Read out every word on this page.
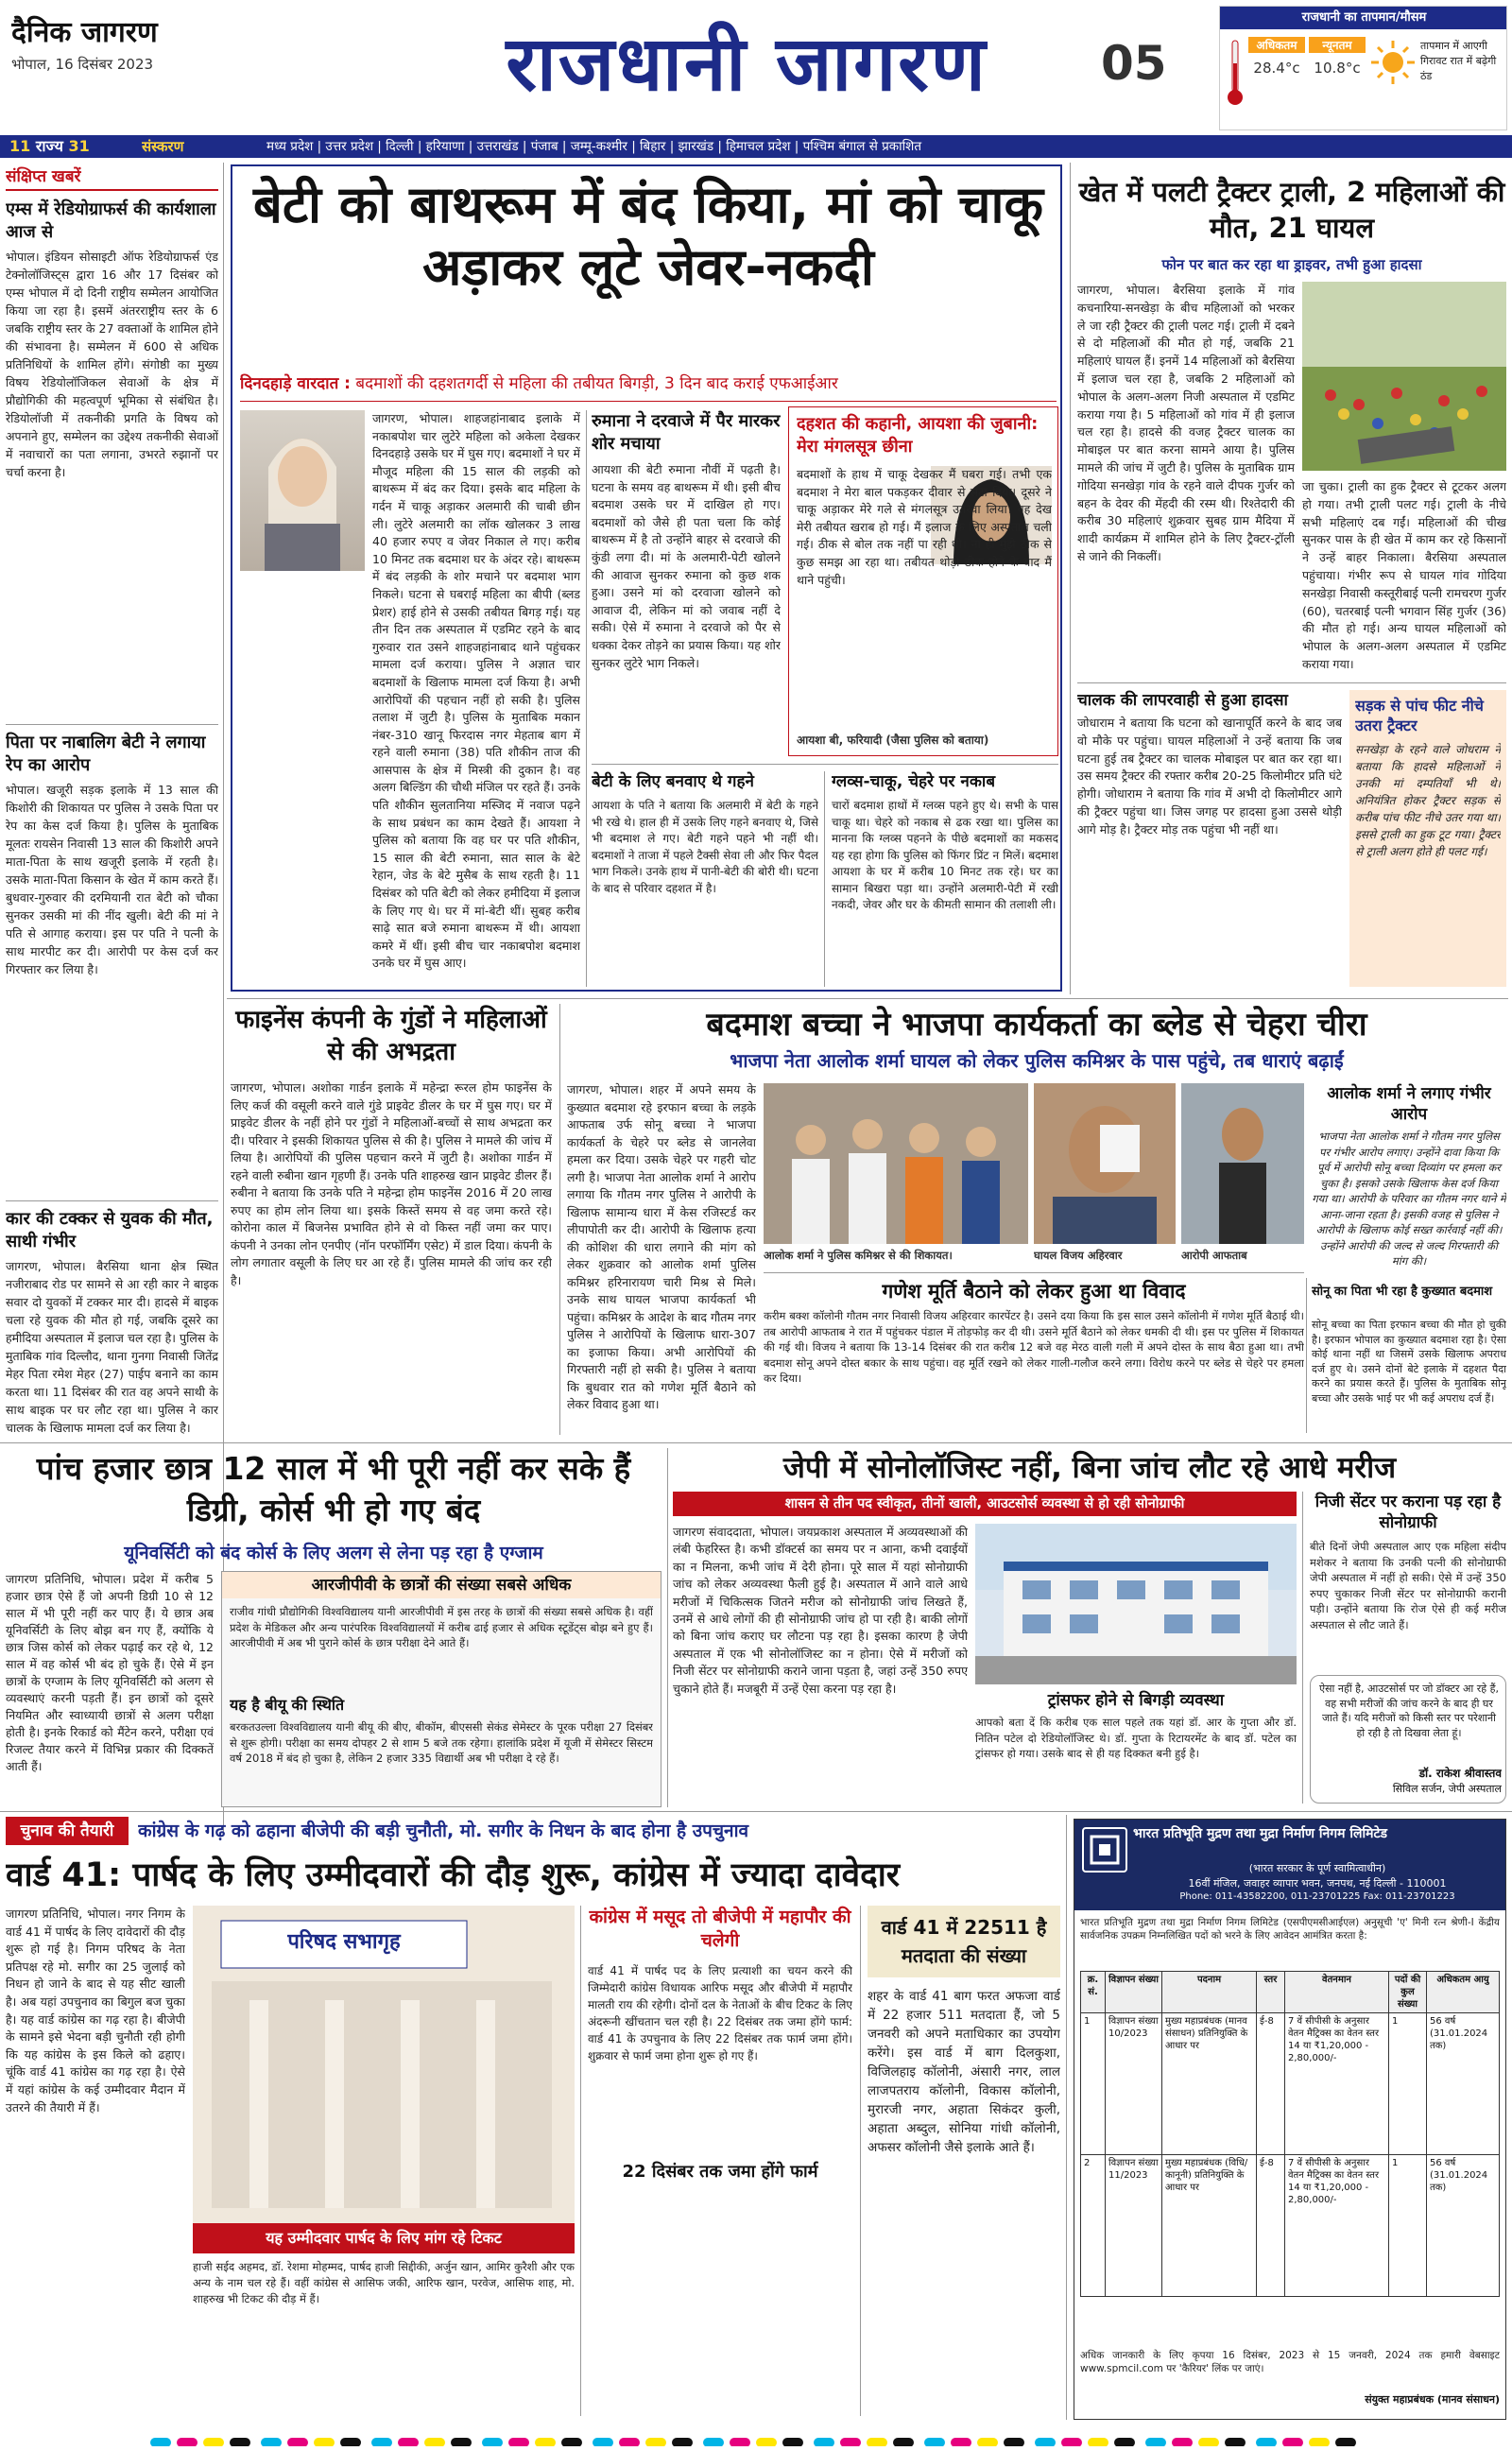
दैनिक जागरण
भोपाल, 16 दिसंबर 2023	राजधानी जागरण	05
राजधानी का तापमान/मौसम
अधिकतम	न्यूनतम
28.4°c 10.8°c
तापमान में आएगी गिरावट रात में बढ़ेगी ठंड
11 राज्य 31	संस्करण	मध्य प्रदेश | उत्तर प्रदेश | दिल्ली | हरियाणा | उत्तराखंड | पंजाब | जम्मू-कश्मीर | बिहार | झारखंड | हिमाचल प्रदेश | पश्चिम बंगाल से प्रकाशित
संक्षिप्त खबरें
एम्स में रेडियोग्राफर्स की कार्यशाला आज से
भोपाल। इंडियन सोसाइटी ऑफ रेडियोग्राफर्स एंड टेक्नोलॉजिस्ट्स द्वारा 16 और 17 दिसंबर को एम्स भोपाल में दो दिनी राष्ट्रीय सम्मेलन आयोजित किया जा रहा है। इसमें अंतरराष्ट्रीय स्तर के 6 जबकि राष्ट्रीय स्तर के 27 वक्ताओं के शामिल होने की संभावना है। सम्मेलन में 600 से अधिक प्रतिनिधियों के शामिल होंगे। संगोष्ठी का मुख्य विषय रेडियोलॉजिकल सेवाओं के क्षेत्र में प्रौद्योगिकी की महत्वपूर्ण भूमिका से संबंधित है। रेडियोलॉजी में तकनीकी प्रगति के विषय को अपनाने हुए, सम्मेलन का उद्देश्य तकनीकी सेवाओं में नवाचारों का पता लगाना, उभरते रुझानों पर चर्चा करना है।
पिता पर नाबालिग बेटी ने लगाया रेप का आरोप
भोपाल। खजूरी सड़क इलाके में 13 साल की किशोरी की शिकायत पर पुलिस ने उसके पिता पर रेप का केस दर्ज किया है। पुलिस के मुताबिक मूलतः रायसेन निवासी 13 साल की किशोरी अपने माता-पिता के साथ खजूरी इलाके में रहती है। उसके माता-पिता किसान के खेत में काम करते हैं। बुधवार-गुरुवार की दरमियानी रात बेटी को चौका सुनकर उसकी मां की नींद खुली। बेटी की मां ने पति से आगाह कराया। इस पर पति ने पत्नी के साथ मारपीट कर दी। आरोपी पर केस दर्ज कर गिरफ्तार कर लिया है।
कार की टक्कर से युवक की मौत, साथी गंभीर
जागरण, भोपाल। बैरसिया थाना क्षेत्र स्थित नजीराबाद रोड पर सामने से आ रही कार ने बाइक सवार दो युवकों में टक्कर मार दी। हादसे में बाइक चला रहे युवक की मौत हो गई, जबकि दूसरे का हमीदिया अस्पताल में इलाज चल रहा है। पुलिस के मुताबिक गांव दिल्लौद, थाना गुनगा निवासी जितेंद्र मेहर पिता रमेश मेहर (27) पाईप बनाने का काम करता था। 11 दिसंबर की रात वह अपने साथी के साथ बाइक पर घर लौट रहा था। पुलिस ने कार चालक के खिलाफ मामला दर्ज कर लिया है।
बेटी को बाथरूम में बंद किया, मां को चाकू अड़ाकर लूटे जेवर-नकदी
दिनदहाड़े वारदात : बदमाशों की दहशतगर्दी से महिला की तबीयत बिगड़ी, 3 दिन बाद कराई एफआईआर
जागरण, भोपाल। शाहजहांनाबाद इलाके में नकाबपोश चार लुटेरे महिला को अकेला देखकर दिनदहाड़े उसके घर में घुस गए। बदमाशों ने घर में मौजूद महिला की 15 साल की लड़की को बाथरूम में बंद कर दिया। इसके बाद महिला के गर्दन में चाकू अड़ाकर अलमारी की चाबी छीन ली। लुटेरे अलमारी का लॉक खोलकर 3 लाख 40 हजार रुपए व जेवर निकाल ले गए। करीब 10 मिनट तक बदमाश घर के अंदर रहे। बाथरूम में बंद लड़की के शोर मचाने पर बदमाश भाग निकले। घटना से घबराई महिला का बीपी (ब्लड प्रेशर) हाई होने से उसकी तबीयत बिगड़ गई। यह तीन दिन तक अस्पताल में एडमिट रहने के बाद गुरुवार रात उसने शाहजहांनाबाद थाने पहुंचकर मामला दर्ज कराया। पुलिस ने अज्ञात चार बदमाशों के खिलाफ मामला दर्ज किया है। अभी आरोपियों की पहचान नहीं हो सकी है। पुलिस तलाश में जुटी है। पुलिस के मुताबिक मकान नंबर-310 खानू फिरदास नगर मेहताब बाग में रहने वाली रुमाना (38) पति शौकीन ताज की आसपास के क्षेत्र में मिस्त्री की दुकान है। वह अलग बिल्डिंग की चौथी मंजिल पर रहते हैं। उनके पति शौकीन सुलतानिया मस्जिद में नवाज पढ़ने के साथ प्रबंधन का काम देखते हैं। आयशा ने पुलिस को बताया कि वह घर पर पति शौकीन, 15 साल की बेटी रुमाना, सात साल के बेटे रेहान, जेड के बेटे मुसैब के साथ रहती है। 11 दिसंबर को पति बेटी को लेकर हमीदिया में इलाज के लिए गए थे। घर में मां-बेटी थीं। सुबह करीब साढ़े सात बजे रुमाना बाथरूम में थी। आयशा कमरे में थीं। इसी बीच चार नकाबपोश बदमाश उनके घर में घुस आए।
रुमाना ने दरवाजे में पैर मारकर शोर मचाया
आयशा की बेटी रुमाना नौवीं में पढ़ती है। घटना के समय वह बाथरूम में थी। इसी बीच बदमाश उसके घर में दाखिल हो गए। बदमाशों को जैसे ही पता चला कि कोई बाथरूम में है तो उन्होंने बाहर से दरवाजे की कुंडी लगा दी। मां के अलमारी-पेटी खोलने की आवाज सुनकर रुमाना को कुछ शक हुआ। उसने मां को दरवाजा खोलने को आवाज दी, लेकिन मां को जवाब नहीं दे सकी। ऐसे में रुमाना ने दरवाजे को पैर से धक्का देकर तोड़ने का प्रयास किया। यह शोर सुनकर लुटेरे भाग निकले।
दहशत की कहानी, आयशा की जुबानी: मेरा मंगलसूत्र छीना
बदमाशों के हाथ में चाकू देखकर मैं घबरा गई। तभी एक बदमाश ने मेरा बाल पकड़कर दीवार से सटा दिया। दूसरे ने चाकू अड़ाकर मेरे गले से मंगलसूत्र उतरवा लिया। यह देख मेरी तबीयत खराब हो गई। मैं इलाज के लिए अस्पताल चली गई। ठीक से बोल तक नहीं पा रही थी। ना ही मुझे ठीक से कुछ समझ आ रहा था। तबीयत थोड़ी ठीक होने के बाद मैं थाने पहुंची।
आयशा बी, फरियादी (जैसा पुलिस को बताया)
बेटी के लिए बनवाए थे गहने
आयशा के पति ने बताया कि अलमारी में बेटी के गहने भी रखे थे। हाल ही में उसके लिए गहने बनवाए थे, जिसे भी बदमाश ले गए। बेटी गहने पहने भी नहीं थी। बदमाशों ने ताजा में पहले टैक्सी सेवा ली और फिर पैदल भाग निकले। उनके हाथ में पानी-बेटी की बोरी थी। घटना के बाद से परिवार दहशत में है।
ग्लव्स-चाकू, चेहरे पर नकाब
चारों बदमाश हाथों में ग्लव्स पहने हुए थे। सभी के पास चाकू था। चेहरे को नकाब से ढक रखा था। पुलिस का मानना कि ग्लव्स पहनने के पीछे बदमाशों का मकसद यह रहा होगा कि पुलिस को फिंगर प्रिंट न मिलें। बदमाश आयशा के घर में करीब 10 मिनट तक रहे। घर का सामान बिखरा पड़ा था। उन्होंने अलमारी-पेटी में रखी नकदी, जेवर और घर के कीमती सामान की तलाशी ली।
खेत में पलटी ट्रैक्टर ट्राली, 2 महिलाओं की मौत, 21 घायल
फोन पर बात कर रहा था ड्राइवर, तभी हुआ हादसा
जागरण, भोपाल। बैरसिया इलाके में गांव कचनारिया-सनखेड़ा के बीच महिलाओं को भरकर ले जा रही ट्रैक्टर की ट्राली पलट गई। ट्राली में दबने से दो महिलाओं की मौत हो गई, जबकि 21 महिलाएं घायल हैं। इनमें 14 महिलाओं को बैरसिया में इलाज चल रहा है, जबकि 2 महिलाओं को भोपाल के अलग-अलग निजी अस्पताल में एडमिट कराया गया है। 5 महिलाओं को गांव में ही इलाज चल रहा है। हादसे की वजह ट्रैक्टर चालक का मोबाइल पर बात करना सामने आया है। पुलिस मामले की जांच में जुटी है। पुलिस के मुताबिक ग्राम गोदिया सनखेड़ा गांव के रहने वाले दीपक गुर्जर को बहन के देवर की मेंहदी की रस्म थी। रिश्तेदारी की करीब 30 महिलाएं शुक्रवार सुबह ग्राम मैदिया में शादी कार्यक्रम में शामिल होने के लिए ट्रैक्टर-ट्रॉली से जाने की निकलीं।
जा चुका। ट्राली का हुक ट्रैक्टर से टूटकर अलग हो गया। तभी ट्राली पलट गई। ट्राली के नीचे सभी महिलाएं दब गईं। महिलाओं की चीख सुनकर पास के ही खेत में काम कर रहे किसानों ने उन्हें बाहर निकाला। बैरसिया अस्पताल पहुंचाया। गंभीर रूप से घायल गांव गोदिया सनखेड़ा निवासी कस्तूरीबाई पत्नी रामचरण गुर्जर (60), चतरबाई पत्नी भगवान सिंह गुर्जर (36) की मौत हो गई। अन्य घायल महिलाओं को भोपाल के अलग-अलग अस्पताल में एडमिट कराया गया।
चालक की लापरवाही से हुआ हादसा
जोधाराम ने बताया कि घटना को खानापूर्ति करने के बाद जब वो मौके पर पहुंचा। घायल महिलाओं ने उन्हें बताया कि जब घटना हुई तब ट्रैक्टर का चालक मोबाइल पर बात कर रहा था। उस समय ट्रैक्टर की रफ्तार करीब 20-25 किलोमीटर प्रति घंटे होगी। जोधाराम ने बताया कि गांव में अभी दो किलोमीटर आगे की ट्रैक्टर पहुंचा था। जिस जगह पर हादसा हुआ उससे थोड़ी आगे मोड़ है। ट्रैक्टर मोड़ तक पहुंचा भी नहीं था।
सड़क से पांच फीट नीचे उतरा ट्रैक्टर
सनखेड़ा के रहने वाले जोधराम ने बताया कि हादसे महिलाओं ने उनकी मां दम्पतियाँ भी थे। अनियंत्रित होकर ट्रैक्टर सड़क से करीब पांच फीट नीचे उतर गया था। इससे ट्राली का हुक टूट गया। ट्रैक्टर से ट्राली अलग होते ही पलट गई।
फाइनेंस कंपनी के गुंडों ने महिलाओं से की अभद्रता
जागरण, भोपाल। अशोका गार्डन इलाके में महेन्द्रा रूरल होम फाइनेंस के लिए कर्ज की वसूली करने वाले गुंडे प्राइवेट डीलर के घर में घुस गए। घर में प्राइवेट डीलर के नहीं होने पर गुंडों ने महिलाओं-बच्चों से साथ अभद्रता कर दी। परिवार ने इसकी शिकायत पुलिस से की है। पुलिस ने मामले की जांच में लिया है। आरोपियों की पुलिस पहचान करने में जुटी है। अशोका गार्डन में रहने वाली रुबीना खान गृहणी हैं। उनके पति शाहरुख खान प्राइवेट डीलर हैं। रुबीना ने बताया कि उनके पति ने महेन्द्रा होम फाइनेंस 2016 में 20 लाख रुपए का होम लोन लिया था। इसके किस्तें समय से वह जमा करते रहे। कोरोना काल में बिजनेस प्रभावित होने से वो किस्त नहीं जमा कर पाए। कंपनी ने उनका लोन एनपीए (नॉन परफॉर्मिंग एसेट) में डाल दिया। कंपनी के लोग लगातार वसूली के लिए घर आ रहे हैं। पुलिस मामले की जांच कर रही है।
बदमाश बच्चा ने भाजपा कार्यकर्ता का ब्लेड से चेहरा चीरा
भाजपा नेता आलोक शर्मा घायल को लेकर पुलिस कमिश्नर के पास पहुंचे, तब धाराएं बढ़ाईं
जागरण, भोपाल। शहर में अपने समय के कुख्यात बदमाश रहे इरफान बच्चा के लड़के आफताब उर्फ सोनू बच्चा ने भाजपा कार्यकर्ता के चेहरे पर ब्लेड से जानलेवा हमला कर दिया। उसके चेहरे पर गहरी चोट लगी है। भाजपा नेता आलोक शर्मा ने आरोप लगाया कि गौतम नगर पुलिस ने आरोपी के खिलाफ सामान्य धारा में केस रजिस्टर्ड कर लीपापोती कर दी। आरोपी के खिलाफ हत्या की कोशिश की धारा लगाने की मांग को लेकर शुक्रवार को आलोक शर्मा पुलिस कमिश्नर हरिनारायण चारी मिश्र से मिले। उनके साथ घायल भाजपा कार्यकर्ता भी पहुंचा। कमिश्नर के आदेश के बाद गौतम नगर पुलिस ने आरोपियों के खिलाफ धारा-307 का इजाफा किया। अभी आरोपियों की गिरफ्तारी नहीं हो सकी है। पुलिस ने बताया कि बुधवार रात को गणेश मूर्ति बैठाने को लेकर विवाद हुआ था।
आलोक शर्मा ने पुलिस कमिश्नर से की शिकायत।	घायल विजय अहिरवार	आरोपी आफताब
आलोक शर्मा ने लगाए गंभीर आरोप
भाजपा नेता आलोक शर्मा ने गौतम नगर पुलिस पर गंभीर आरोप लगाए। उन्होंने दावा किया कि पूर्व में आरोपी सोनू बच्चा दिव्यांग पर हमला कर चुका है। इसको उसके खिलाफ केस दर्ज किया गया था। आरोपी के परिवार का गौतम नगर थाने में आना-जाना रहता है। इसकी वजह से पुलिस ने आरोपी के खिलाफ कोई सख्त कार्रवाई नहीं की। उन्होंने आरोपी की जल्द से जल्द गिरफ्तारी की मांग की।
गणेश मूर्ति बैठाने को लेकर हुआ था विवाद
करीम बक्श कॉलोनी गौतम नगर निवासी विजय अहिरवार कारपेंटर है। उसने दया किया कि इस साल उसने कॉलोनी में गणेश मूर्ति बैठाई थी। तब आरोपी आफताब ने रात में पहुंचकर पंडाल में तोड़फोड़ कर दी थी। उसने मूर्ति बैठाने को लेकर धमकी दी थी। इस पर पुलिस में शिकायत की गई थी। विजय ने बताया कि 13-14 दिसंबर की रात करीब 12 बजे वह मेरठ वाली गली में अपने दोस्त के साथ बैठा हुआ था। तभी बदमाश सोनू अपने दोस्त बकार के साथ पहुंचा। वह मूर्ति रखने को लेकर गाली-गलौज करने लगा। विरोध करने पर ब्लेड से चेहरे पर हमला कर दिया।
सोनू का पिता भी रहा है कुख्यात बदमाश
सोनू बच्चा का पिता इरफान बच्चा की मौत हो चुकी है। इरफान भोपाल का कुख्यात बदमाश रहा है। ऐसा कोई थाना नहीं था जिसमें उसके खिलाफ अपराध दर्ज हुए थे। उसने दोनों बेटे इलाके में दहशत पैदा करने का प्रयास करते हैं। पुलिस के मुताबिक सोनू बच्चा और उसके भाई पर भी कई अपराध दर्ज हैं।
पांच हजार छात्र 12 साल में भी पूरी नहीं कर सके हैं डिग्री, कोर्स भी हो गए बंद
यूनिवर्सिटी को बंद कोर्स के लिए अलग से लेना पड़ रहा है एग्जाम
जागरण प्रतिनिधि, भोपाल। प्रदेश में करीब 5 हजार छात्र ऐसे हैं जो अपनी डिग्री 10 से 12 साल में भी पूरी नहीं कर पाए हैं। ये छात्र अब यूनिवर्सिटी के लिए बोझ बन गए हैं, क्योंकि ये छात्र जिस कोर्स को लेकर पढ़ाई कर रहे थे, 12 साल में वह कोर्स भी बंद हो चुके हैं। ऐसे में इन छात्रों के एग्जाम के लिए यूनिवर्सिटी को अलग से व्यवस्थाएं करनी पड़ती हैं। इन छात्रों को दूसरे नियमित और स्वाध्यायी छात्रों से अलग परीक्षा होती है। इनके रिकार्ड को मैंटेन करने, परीक्षा एवं रिजल्ट तैयार करने में विभिन्न प्रकार की दिक्कतें आती हैं।
आरजीपीवी के छात्रों की संख्या सबसे अधिक
राजीव गांधी प्रौद्योगिकी विश्वविद्यालय यानी आरजीपीवी में इस तरह के छात्रों की संख्या सबसे अधिक है। वहीं प्रदेश के मेडिकल और अन्य पारंपरिक विश्वविद्यालयों में करीब ढाई हजार से अधिक स्टूडेंट्स बोझ बने हुए हैं। आरजीपीवी में अब भी पुराने कोर्स के छात्र परीक्षा देने आते हैं।
यह है बीयू की स्थिति
बरकतउल्ला विश्वविद्यालय यानी बीयू की बीए, बीकॉम, बीएससी सेकंड सेमेस्टर के पूरक परीक्षा 27 दिसंबर से शुरू होगी। परीक्षा का समय दोपहर 2 से शाम 5 बजे तक रहेगा। हालांकि प्रदेश में यूजी में सेमेस्टर सिस्टम वर्ष 2018 में बंद हो चुका है, लेकिन 2 हजार 335 विद्यार्थी अब भी परीक्षा दे रहे हैं।
जेपी में सोनोलॉजिस्ट नहीं, बिना जांच लौट रहे आधे मरीज
शासन से तीन पद स्वीकृत, तीनों खाली, आउटसोर्स व्यवस्था से हो रही सोनोग्राफी
जागरण संवाददाता, भोपाल। जयप्रकाश अस्पताल में अव्यवस्थाओं की लंबी फेहरिस्त है। कभी डॉक्टर्स का समय पर न आना, कभी दवाईयों का न मिलना, कभी जांच में देरी होना। पूरे साल में यहां सोनोग्राफी जांच को लेकर अव्यवस्था फैली हुई है। अस्पताल में आने वाले आधे मरीजों में चिकित्सक जितने मरीज को सोनोग्राफी जांच लिखते हैं, उनमें से आधे लोगों की ही सोनोग्राफी जांच हो पा रही है। बाकी लोगों को बिना जांच कराए घर लौटना पड़ रहा है। इसका कारण है जेपी अस्पताल में एक भी सोनोलॉजिस्ट का न होना। ऐसे में मरीजों को निजी सेंटर पर सोनोग्राफी कराने जाना पड़ता है, जहां उन्हें 350 रुपए चुकाने होते हैं। मजबूरी में उन्हें ऐसा करना पड़ रहा है।
ट्रांसफर होने से बिगड़ी व्यवस्था
आपको बता दें कि करीब एक साल पहले तक यहां डॉ. आर के गुप्ता और डॉ. नितिन पटेल दो रेडियोलॉजिस्ट थे। डॉ. गुप्ता के रिटायरमेंट के बाद डॉ. पटेल का ट्रांसफर हो गया। उसके बाद से ही यह दिक्कत बनी हुई है।
निजी सेंटर पर कराना पड़ रहा है सोनोग्राफी
बीते दिनों जेपी अस्पताल आए एक महिला संदीप मशेकर ने बताया कि उनकी पत्नी की सोनोग्राफी जेपी अस्पताल में नहीं हो सकी। ऐसे में उन्हें 350 रुपए चुकाकर निजी सेंटर पर सोनोग्राफी करानी पड़ी। उन्होंने बताया कि रोज ऐसे ही कई मरीज अस्पताल से लौट जाते हैं।
ऐसा नहीं है, आउटसोर्स पर जो डॉक्टर आ रहे हैं, वह सभी मरीजों की जांच करने के बाद ही घर जाते हैं। यदि मरीजों को किसी स्तर पर परेशानी हो रही है तो दिखवा लेता हूं।
डॉ. राकेश श्रीवास्तव
सिविल सर्जन, जेपी अस्पताल
चुनाव की तैयारी	कांग्रेस के गढ़ को ढहाना बीजेपी की बड़ी चुनौती, मो. सगीर के निधन के बाद होना है उपचुनाव
वार्ड 41: पार्षद के लिए उम्मीदवारों की दौड़ शुरू, कांग्रेस में ज्यादा दावेदार
जागरण प्रतिनिधि, भोपाल। नगर निगम के वार्ड 41 में पार्षद के लिए दावेदारों की दौड़ शुरू हो गई है। निगम परिषद के नेता प्रतिपक्ष रहे मो. सगीर का 25 जुलाई को निधन हो जाने के बाद से यह सीट खाली है। अब यहां उपचुनाव का बिगुल बज चुका है। यह वार्ड कांग्रेस का गढ़ रहा है। बीजेपी के सामने इसे भेदना बड़ी चुनौती रही होगी कि यह कांग्रेस के इस किले को ढहाए। चूंकि वार्ड 41 कांग्रेस का गढ़ रहा है। ऐसे में यहां कांग्रेस के कई उम्मीदवार मैदान में उतरने की तैयारी में हैं।
परिषद सभागृह
यह उम्मीदवार पार्षद के लिए मांग रहे टिकट
हाजी सईद अहमद, डॉ. रेशमा मोहम्मद, पार्षद हाजी सिद्दीकी, अर्जुन खान, आमिर कुरैशी और एक अन्य के नाम चल रहे हैं। वहीं कांग्रेस से आसिफ जकी, आरिफ खान, परवेज, आसिफ शाह, मो. शाहरुख भी टिकट की दौड़ में हैं।
कांग्रेस में मसूद तो बीजेपी में महापौर की चलेगी
वार्ड 41 में पार्षद पद के लिए प्रत्याशी का चयन करने की जिम्मेदारी कांग्रेस विधायक आरिफ मसूद और बीजेपी में महापौर मालती राय की रहेगी। दोनों दल के नेताओं के बीच टिकट के लिए अंदरूनी खींचतान चल रही है। 22 दिसंबर तक जमा होंगे फार्म: वार्ड 41 के उपचुनाव के लिए 22 दिसंबर तक फार्म जमा होंगे। शुक्रवार से फार्म जमा होना शुरू हो गए हैं।
22 दिसंबर तक जमा होंगे फार्म
वार्ड 41 में 22511 है मतदाता की संख्या
शहर के वार्ड 41 बाग फरत अफजा वार्ड में 22 हजार 511 मतदाता हैं, जो 5 जनवरी को अपने मताधिकार का उपयोग करेंगे। इस वार्ड में बाग दिलकुशा, विजिलहाइ कॉलोनी, अंसारी नगर, लाल लाजपतराय कॉलोनी, विकास कॉलोनी, मुरारजी नगर, अहाता सिकंदर कुली, अहाता अब्दुल, सोनिया गांधी कॉलोनी, अफसर कॉलोनी जैसे इलाके आते हैं।
भारत प्रतिभूति मुद्रण तथा मुद्रा निर्माण निगम लिमिटेड
(भारत सरकार के पूर्ण स्वामित्वाधीन)
16वीं मंजिल, जवाहर व्यापार भवन, जनपथ, नई दिल्ली - 110001
Phone: 011-43582200, 011-23701225 Fax: 011-23701223
भारत प्रतिभूति मुद्रण तथा मुद्रा निर्माण निगम लिमिटेड (एसपीएमसीआईएल) अनुसूची 'ए' मिनी रत्न श्रेणी-I केंद्रीय सार्वजनिक उपक्रम निम्नलिखित पदों को भरने के लिए आवेदन आमंत्रित करता है:
क्र. सं.	विज्ञापन संख्या	पदनाम	स्तर	वेतनमान	पदों की कुल संख्या	अधिकतम आयु
1	विज्ञापन संख्या 10/2023	मुख्य महाप्रबंधक (मानव संसाधन) प्रतिनियुक्ति के आधार पर	ई-8	7 वें सीपीसी के अनुसार वेतन मैट्रिक्स का वेतन स्तर 14 या ₹1,20,000 - 2,80,000/-	1	56 वर्ष (31.01.2024 तक)
2	विज्ञापन संख्या 11/2023	मुख्य महाप्रबंधक (विधि/कानूनी) प्रतिनियुक्ति के आधार पर	ई-8	7 वें सीपीसी के अनुसार वेतन मैट्रिक्स का वेतन स्तर 14 या ₹1,20,000 - 2,80,000/-	1	56 वर्ष (31.01.2024 तक)
अधिक जानकारी के लिए कृपया 16 दिसंबर, 2023 से 15 जनवरी, 2024 तक हमारी वेबसाइट www.spmcil.com पर 'कैरियर' लिंक पर जाएं।
संयुक्त महाप्रबंधक (मानव संसाधन)
